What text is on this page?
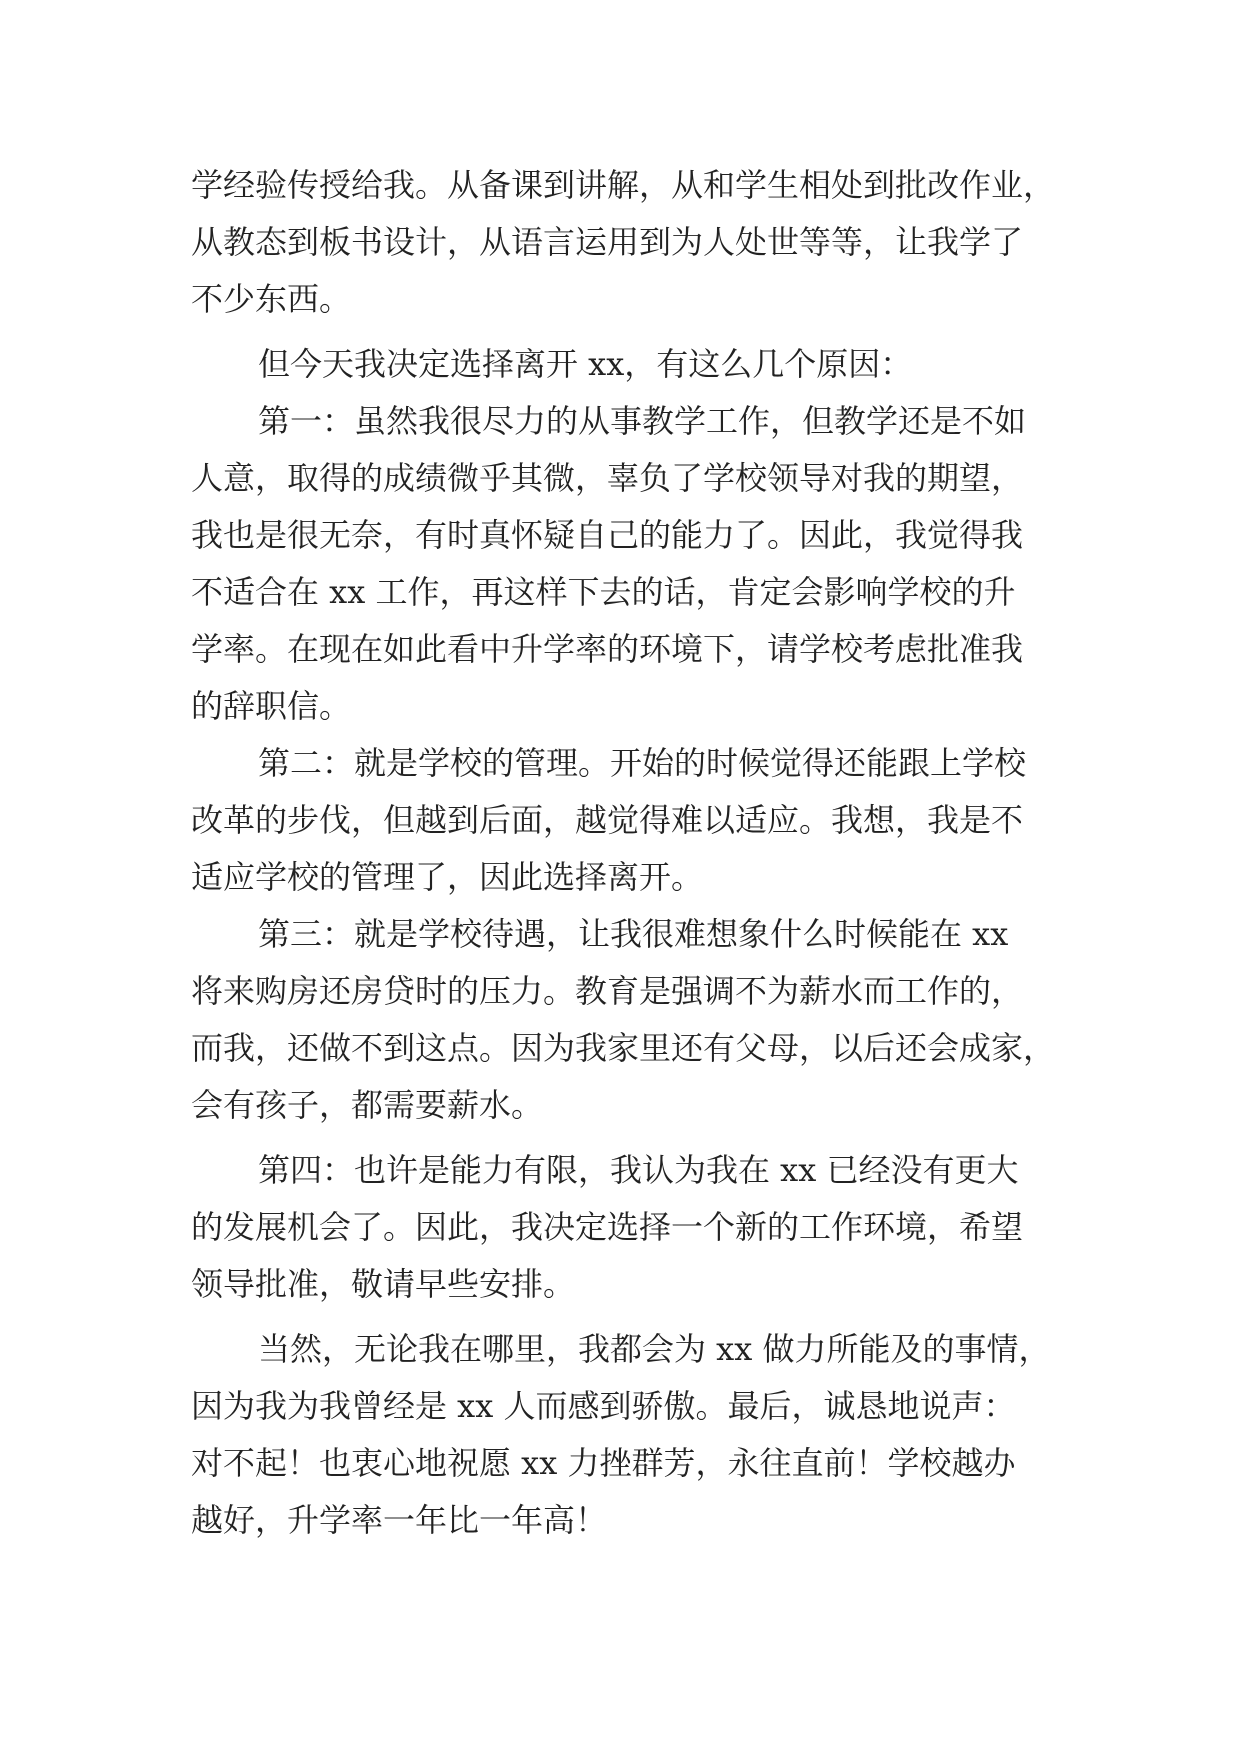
学经验传授给我。从备课到讲解，从和学生相处到批改作业，
从教态到板书设计，从语言运用到为人处世等等，让我学了
不少东西。
但今天我决定选择离开 xx，有这么几个原因：
第一：虽然我很尽力的从事教学工作，但教学还是不如
人意，取得的成绩微乎其微，辜负了学校领导对我的期望，
我也是很无奈，有时真怀疑自己的能力了。因此，我觉得我
不适合在 xx 工作，再这样下去的话，肯定会影响学校的升
学率。在现在如此看中升学率的环境下，请学校考虑批准我
的辞职信。
第二：就是学校的管理。开始的时候觉得还能跟上学校
改革的步伐，但越到后面，越觉得难以适应。我想，我是不
适应学校的管理了，因此选择离开。
第三：就是学校待遇，让我很难想象什么时候能在 xx
将来购房还房贷时的压力。教育是强调不为薪水而工作的，
而我，还做不到这点。因为我家里还有父母，以后还会成家，
会有孩子，都需要薪水。
第四：也许是能力有限，我认为我在 xx 已经没有更大
的发展机会了。因此，我决定选择一个新的工作环境，希望
领导批准，敬请早些安排。
当然，无论我在哪里，我都会为 xx 做力所能及的事情，
因为我为我曾经是 xx 人而感到骄傲。最后，诚恳地说声：
对不起！也衷心地祝愿 xx 力挫群芳，永往直前！学校越办
越好，升学率一年比一年高！
